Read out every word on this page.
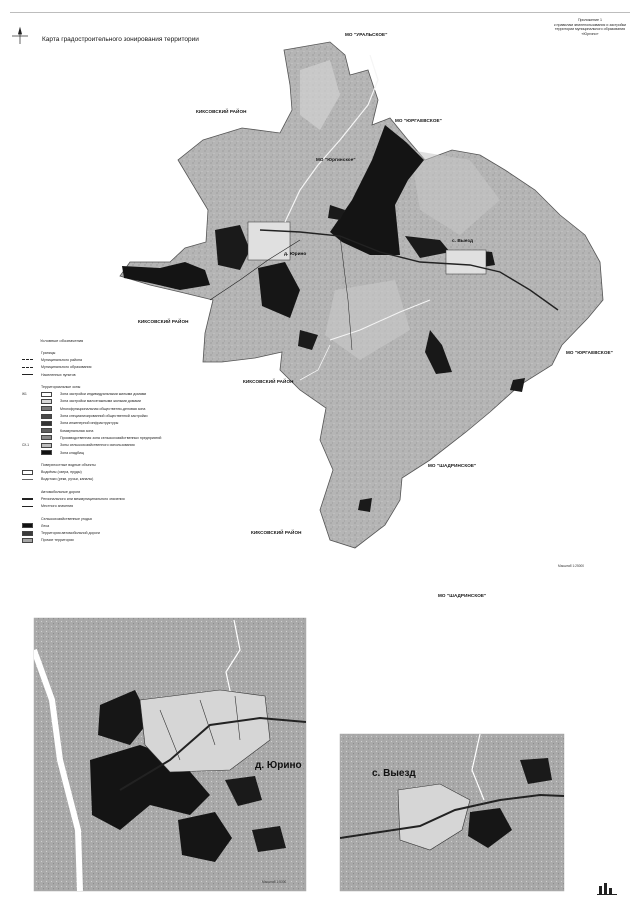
Карта градостроительного зонирования территории
Приложение 1
к правилам землепользования и застройки
территории муниципального образования
«Юргино»
МО "УРАЛЬСКОЕ"
КИКСОВСКИЙ РАЙОН
МО "ЮРГАЕВСКОЕ"
МО "Юргинское"
КИКСОВСКИЙ РАЙОН
МО "ЮРГАЕВСКОЕ"
КИКСОВСКИЙ РАЙОН
МО "ШАДРИНСКОЕ"
КИКСОВСКИЙ РАЙОН
МО "ШАДРИНСКОЕ"
д. Юрино
с. Выезд
Масштаб 1:25000
Условные обозначения
Границы
Муниципального района
Муниципального образования
Населенных пунктов
Территориальные зоны
Ж1	Зона застройки индивидуальными жилыми домами
Зона застройки малоэтажными жилыми домами
Многофункциональная общественно-деловая зона
Зона специализированной общественной застройки
Зона инженерной инфраструктуры
Коммунальная зона
Производственная зона сельскохозяйственных предприятий
СХ-1	Зоны сельскохозяйственного использования
Зона кладбищ
Поверхностные водные объекты
Водоёмы (озера, пруды)
Водотоки (реки, ручьи, каналы)
Автомобильные дороги
Регионального или межмуниципального значения
Местного значения
Сельскохозяйственные угодья
Леса
Территория автомобильной дороги
Прочие территории
д. Юрино
Масштаб 1:5000
с. Выезд
